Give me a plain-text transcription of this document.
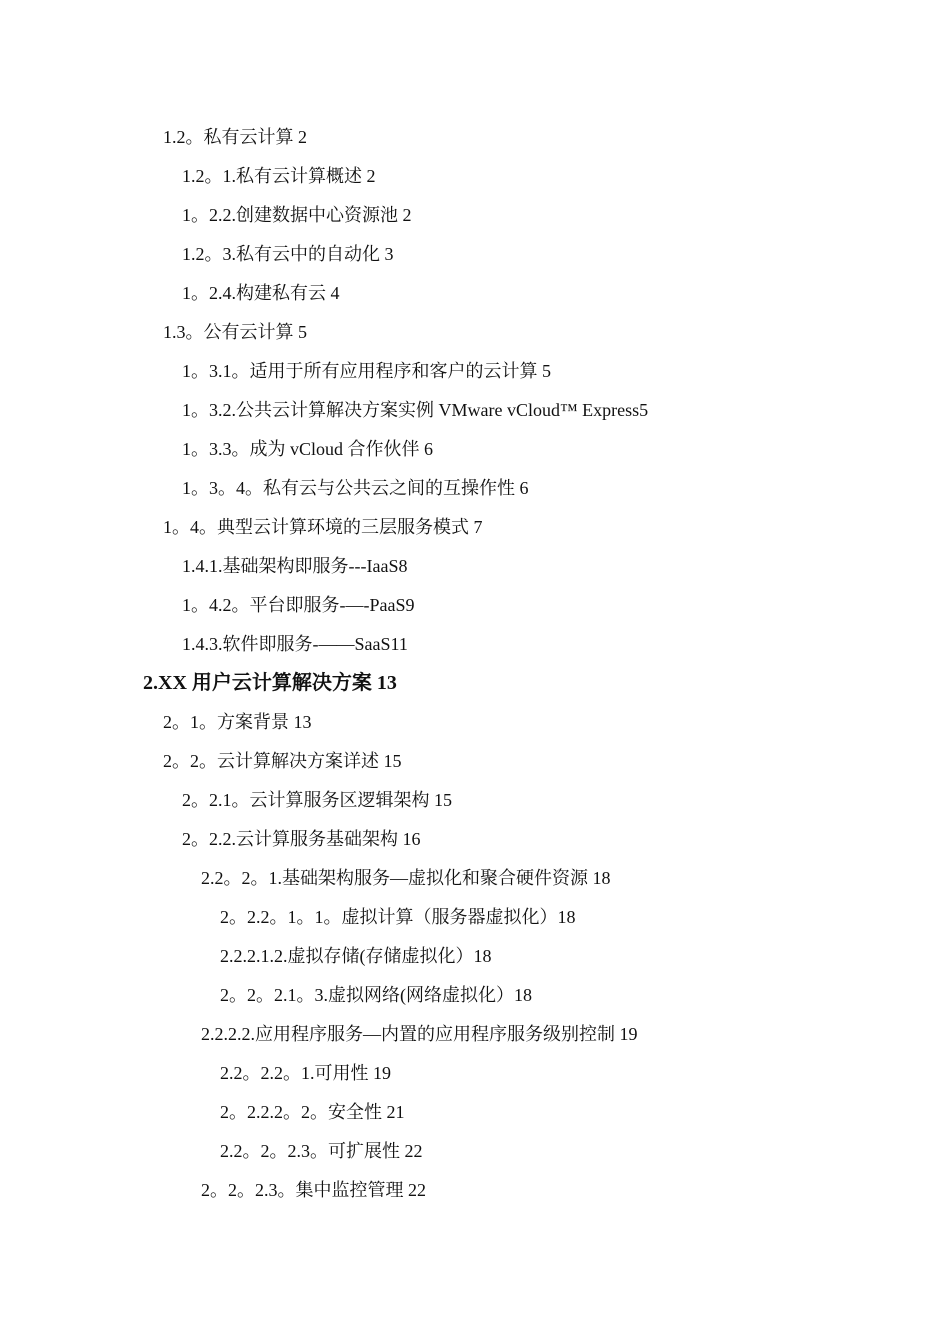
1.2。私有云计算 2
1.2。1.私有云计算概述 2
1。2.2.创建数据中心资源池 2
1.2。3.私有云中的自动化 3
1。2.4.构建私有云 4
1.3。公有云计算 5
1。3.1。适用于所有应用程序和客户的云计算 5
1。3.2.公共云计算解决方案实例 VMware vCloud™ Express5
1。3.3。成为 vCloud 合作伙伴 6
1。3。4。私有云与公共云之间的互操作性 6
1。4。典型云计算环境的三层服务模式 7
1.4.1.基础架构即服务---IaaS8
1。4.2。平台即服务-—-PaaS9
1.4.3.软件即服务-——SaaS11
2.XX 用户云计算解决方案 13
2。1。方案背景 13
2。2。云计算解决方案详述 15
2。2.1。云计算服务区逻辑架构 15
2。2.2.云计算服务基础架构 16
2.2。2。1.基础架构服务—虚拟化和聚合硬件资源 18
2。2.2。1。1。虚拟计算（服务器虚拟化）18
2.2.2.1.2.虚拟存储(存储虚拟化）18
2。2。2.1。3.虚拟网络(网络虚拟化）18
2.2.2.2.应用程序服务—内置的应用程序服务级别控制 19
2.2。2.2。1.可用性 19
2。2.2.2。2。安全性 21
2.2。2。2.3。可扩展性 22
2。2。2.3。集中监控管理 22
